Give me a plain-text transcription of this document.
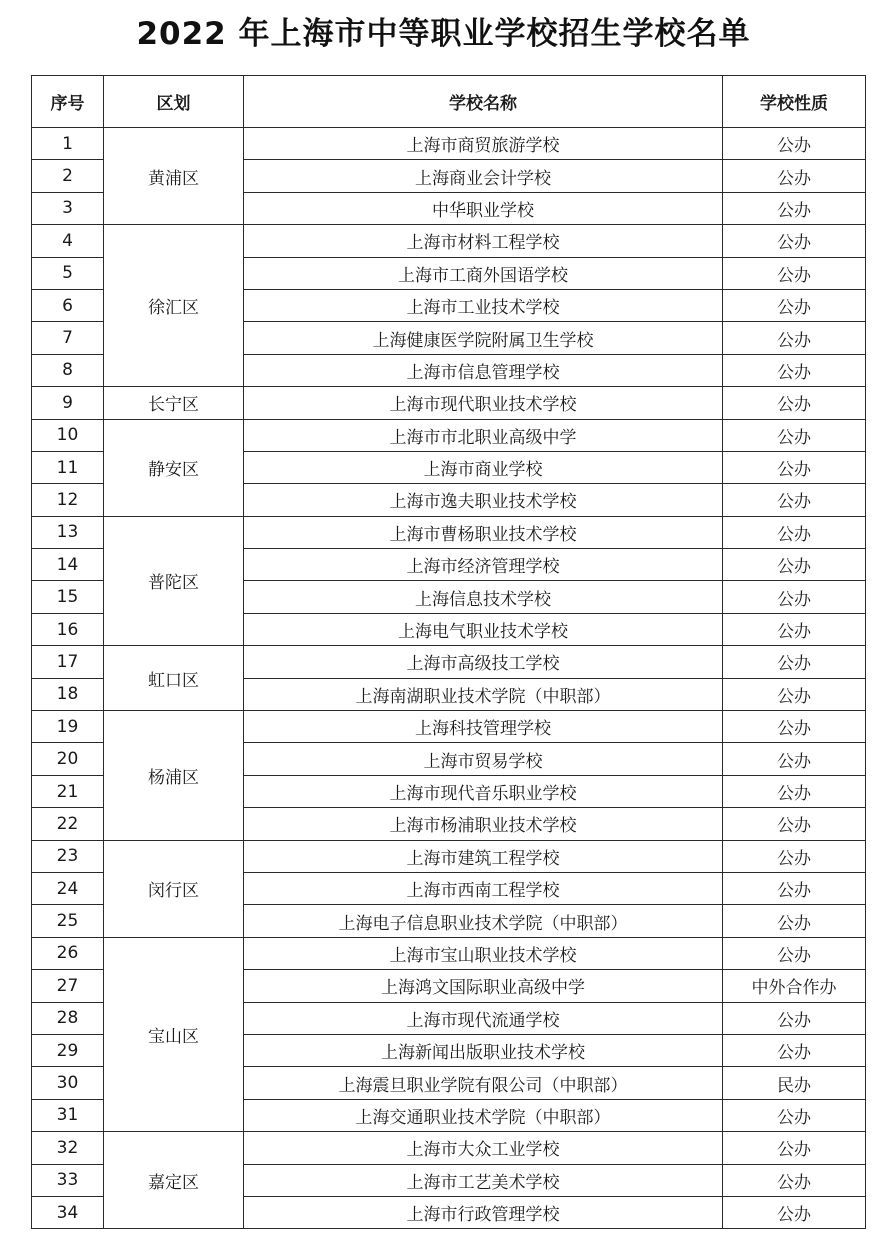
2022 年上海市中等职业学校招生学校名单
序号	区划	学校名称	学校性质
1	黄浦区	上海市商贸旅游学校	公办
2		上海商业会计学校	公办
3		中华职业学校	公办
4	徐汇区	上海市材料工程学校	公办
5		上海市工商外国语学校	公办
6		上海市工业技术学校	公办
7		上海健康医学院附属卫生学校	公办
8		上海市信息管理学校	公办
9	长宁区	上海市现代职业技术学校	公办
10	静安区	上海市市北职业高级中学	公办
11		上海市商业学校	公办
12		上海市逸夫职业技术学校	公办
13	普陀区	上海市曹杨职业技术学校	公办
14		上海市经济管理学校	公办
15		上海信息技术学校	公办
16		上海电气职业技术学校	公办
17	虹口区	上海市高级技工学校	公办
18		上海南湖职业技术学院（中职部）	公办
19	杨浦区	上海科技管理学校	公办
20		上海市贸易学校	公办
21		上海市现代音乐职业学校	公办
22		上海市杨浦职业技术学校	公办
23	闵行区	上海市建筑工程学校	公办
24		上海市西南工程学校	公办
25		上海电子信息职业技术学院（中职部）	公办
26	宝山区	上海市宝山职业技术学校	公办
27		上海鸿文国际职业高级中学	中外合作办
28		上海市现代流通学校	公办
29		上海新闻出版职业技术学校	公办
30		上海震旦职业学院有限公司（中职部）	民办
31		上海交通职业技术学院（中职部）	公办
32	嘉定区	上海市大众工业学校	公办
33		上海市工艺美术学校	公办
34		上海市行政管理学校	公办
